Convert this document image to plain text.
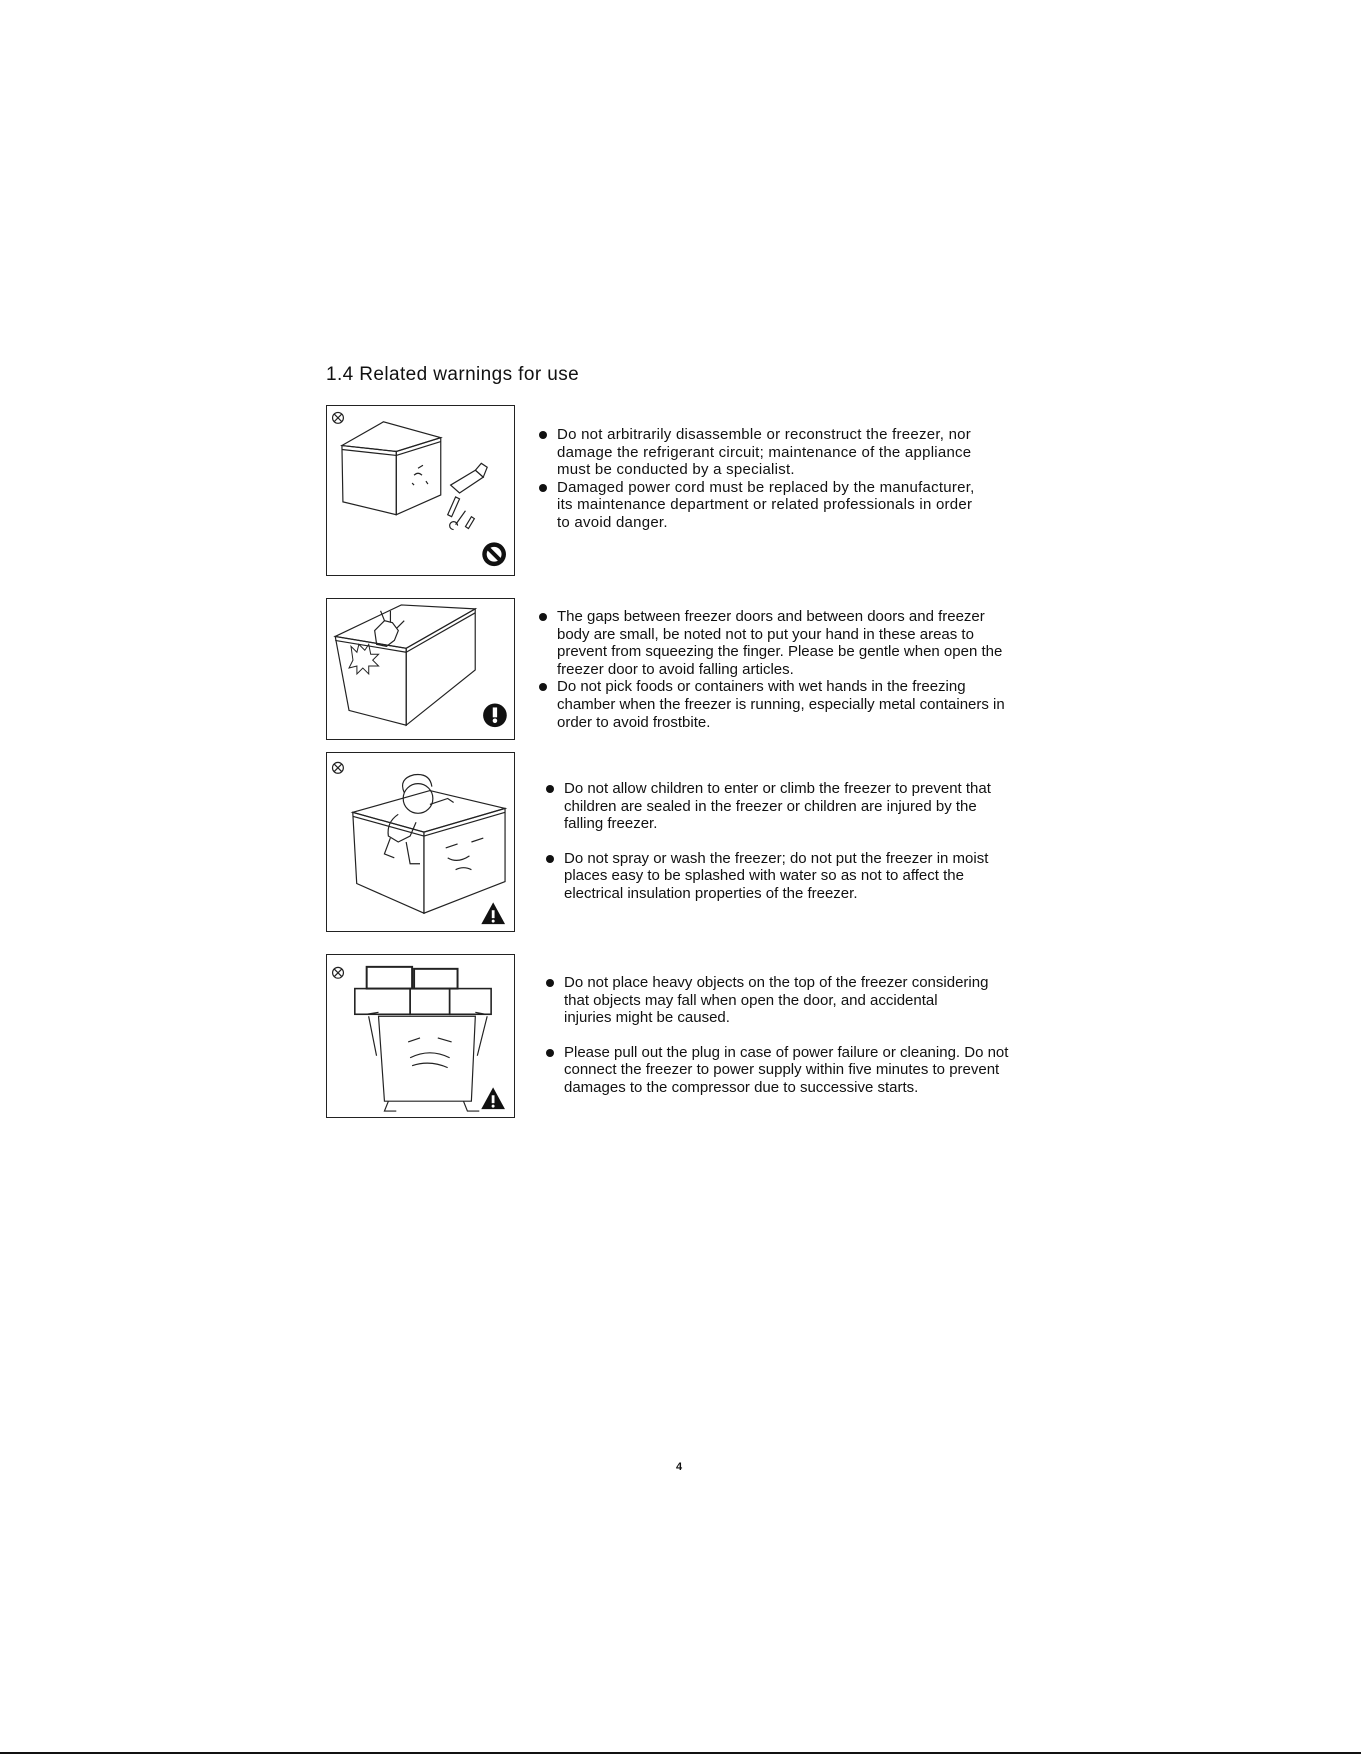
1.4 Related warnings for use
Do not arbitrarily disassemble or reconstruct the freezer, nor
damage the refrigerant circuit; maintenance of the appliance
must be conducted by a specialist.
Damaged power cord must be replaced by the manufacturer,
its maintenance department or related professionals in order
to avoid danger.
The gaps between freezer doors and between doors and freezer
body are small, be noted not to put your hand in these areas to
prevent from squeezing the finger. Please be gentle when open the
freezer door to avoid falling articles.
Do not pick foods or containers with wet hands in the freezing
chamber when the freezer is running, especially metal containers in
order to avoid frostbite.
Do not allow children to enter or climb the freezer to prevent that
children are sealed in the freezer or children are injured by the
falling freezer.
Do not spray or wash the freezer; do not put the freezer in moist
places easy to be splashed with water so as not to affect the
electrical insulation properties of the freezer.
Do not place heavy objects on the top of the freezer considering
that objects may fall when open the door, and accidental
injuries might be caused.
Please pull out the plug in case of power failure or cleaning. Do not
connect the freezer to power supply within five minutes to prevent
damages to the compressor due to successive starts.
4
